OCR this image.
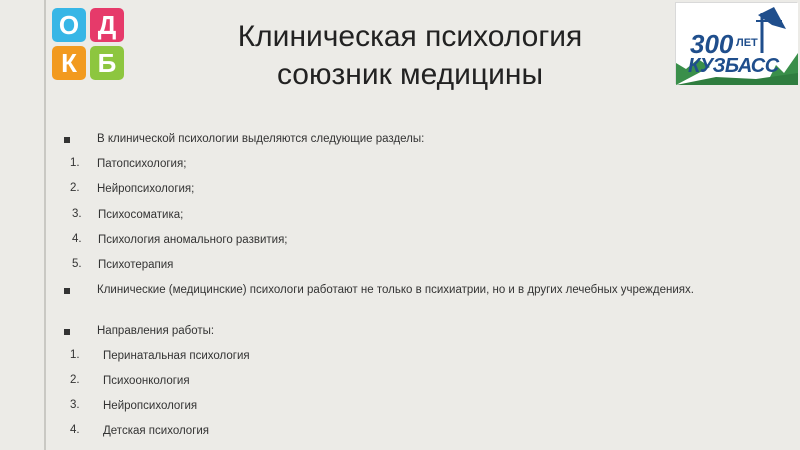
О Д
К Б
Клиническая психология
союзник медицины
300 ЛЕТ
КУЗБАСС
В клинической психологии выделяются следующие разделы:
1. Патопсихология;
2. Нейропсихология;
3. Психосоматика;
4. Психология аномального развития;
5. Психотерапия
Клинические (медицинские) психологи работают не только в психиатрии, но и в других лечебных учреждениях.
Направления работы:
1. Перинатальная психология
2. Психоонкология
3. Нейропсихология
4. Детская психология
